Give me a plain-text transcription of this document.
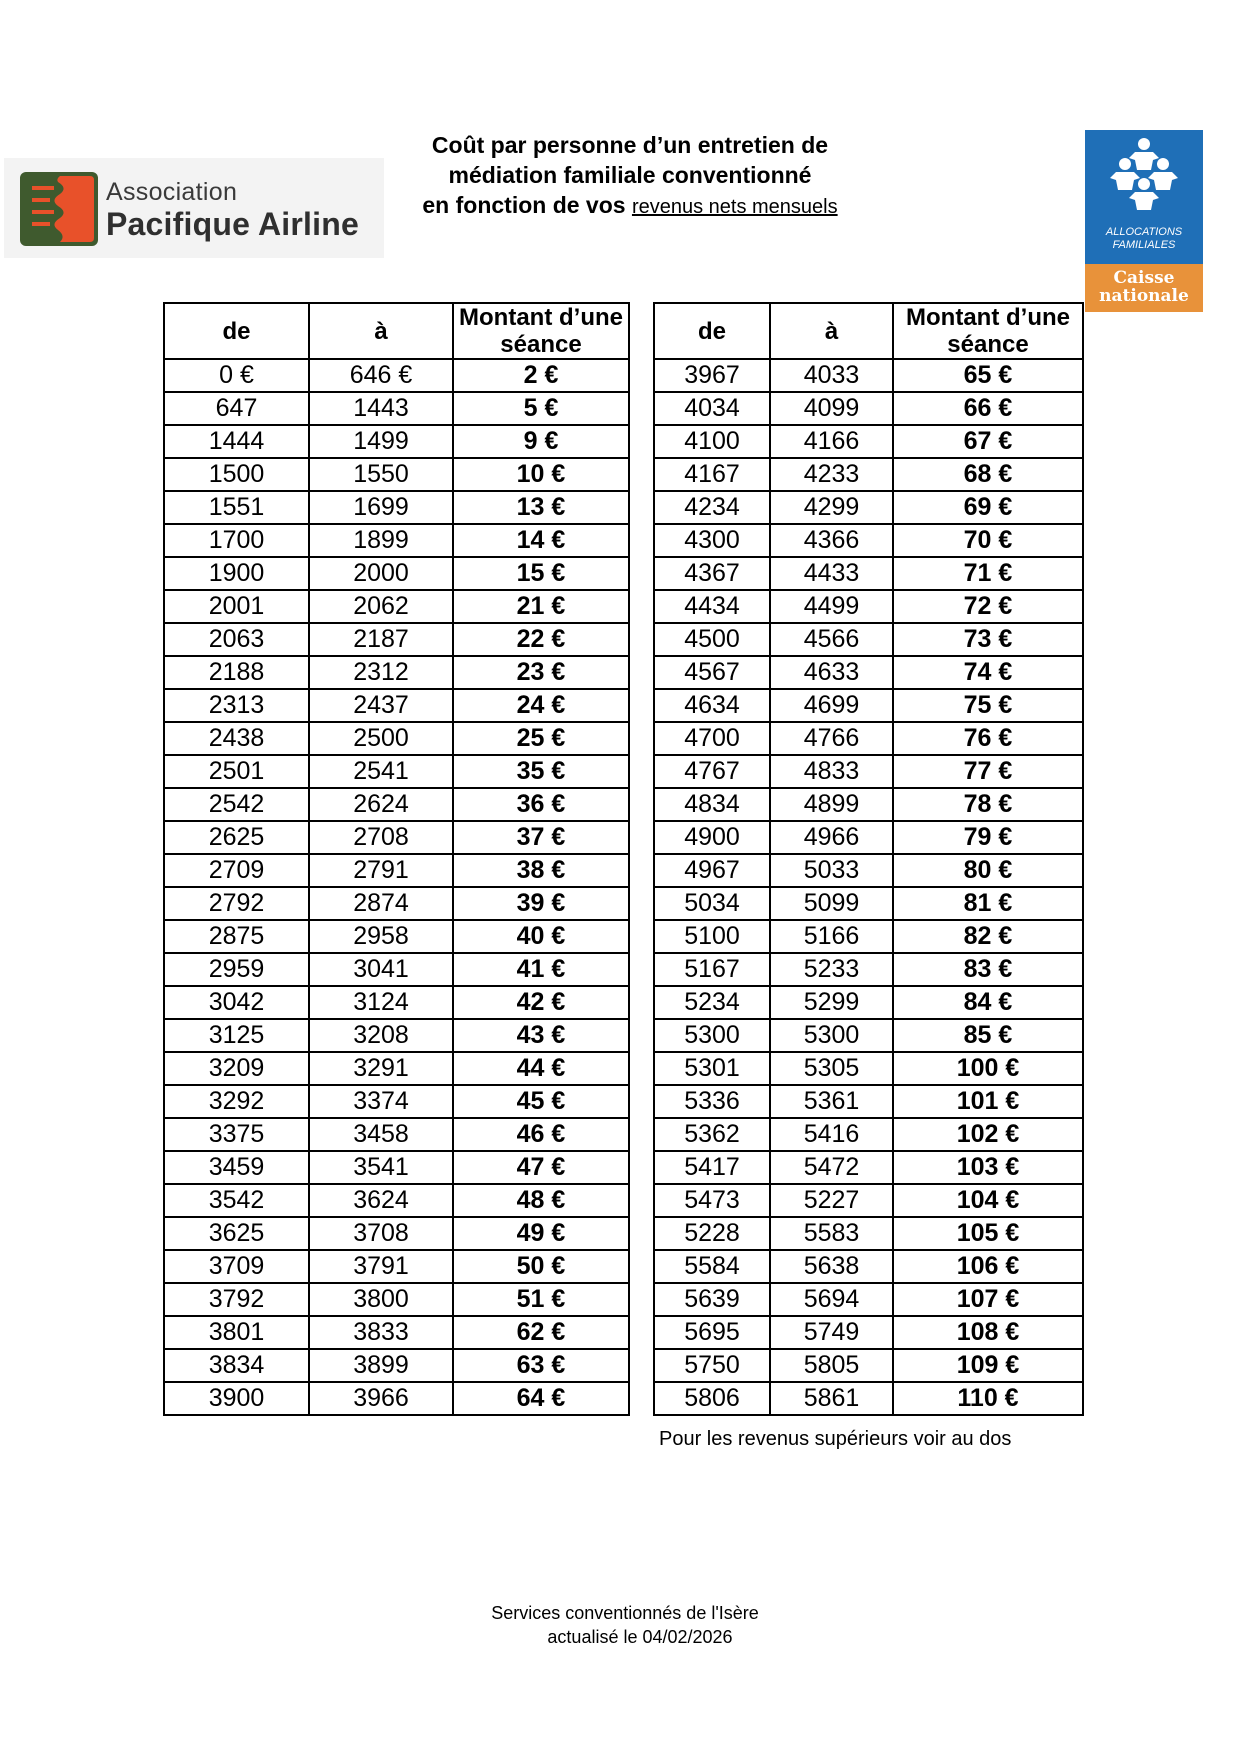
Association
Pacifique Airline
Coût par personne d’un entretien de
médiation familiale conventionné
en fonction de vos revenus nets mensuels
ALLOCATIONS
FAMILIALES
Caisse
nationale
de	à	Montant d’une séance
0 €	646 €	2 €
647	1443	5 €
1444	1499	9 €
1500	1550	10 €
1551	1699	13 €
1700	1899	14 €
1900	2000	15 €
2001	2062	21 €
2063	2187	22 €
2188	2312	23 €
2313	2437	24 €
2438	2500	25 €
2501	2541	35 €
2542	2624	36 €
2625	2708	37 €
2709	2791	38 €
2792	2874	39 €
2875	2958	40 €
2959	3041	41 €
3042	3124	42 €
3125	3208	43 €
3209	3291	44 €
3292	3374	45 €
3375	3458	46 €
3459	3541	47 €
3542	3624	48 €
3625	3708	49 €
3709	3791	50 €
3792	3800	51 €
3801	3833	62 €
3834	3899	63 €
3900	3966	64 €
de	à	Montant d’une séance
3967	4033	65 €
4034	4099	66 €
4100	4166	67 €
4167	4233	68 €
4234	4299	69 €
4300	4366	70 €
4367	4433	71 €
4434	4499	72 €
4500	4566	73 €
4567	4633	74 €
4634	4699	75 €
4700	4766	76 €
4767	4833	77 €
4834	4899	78 €
4900	4966	79 €
4967	5033	80 €
5034	5099	81 €
5100	5166	82 €
5167	5233	83 €
5234	5299	84 €
5300	5300	85 €
5301	5305	100 €
5336	5361	101 €
5362	5416	102 €
5417	5472	103 €
5473	5227	104 €
5228	5583	105 €
5584	5638	106 €
5639	5694	107 €
5695	5749	108 €
5750	5805	109 €
5806	5861	110 €
Pour les revenus supérieurs voir au dos
Services conventionnés de l'Isère
actualisé le 04/02/2026
